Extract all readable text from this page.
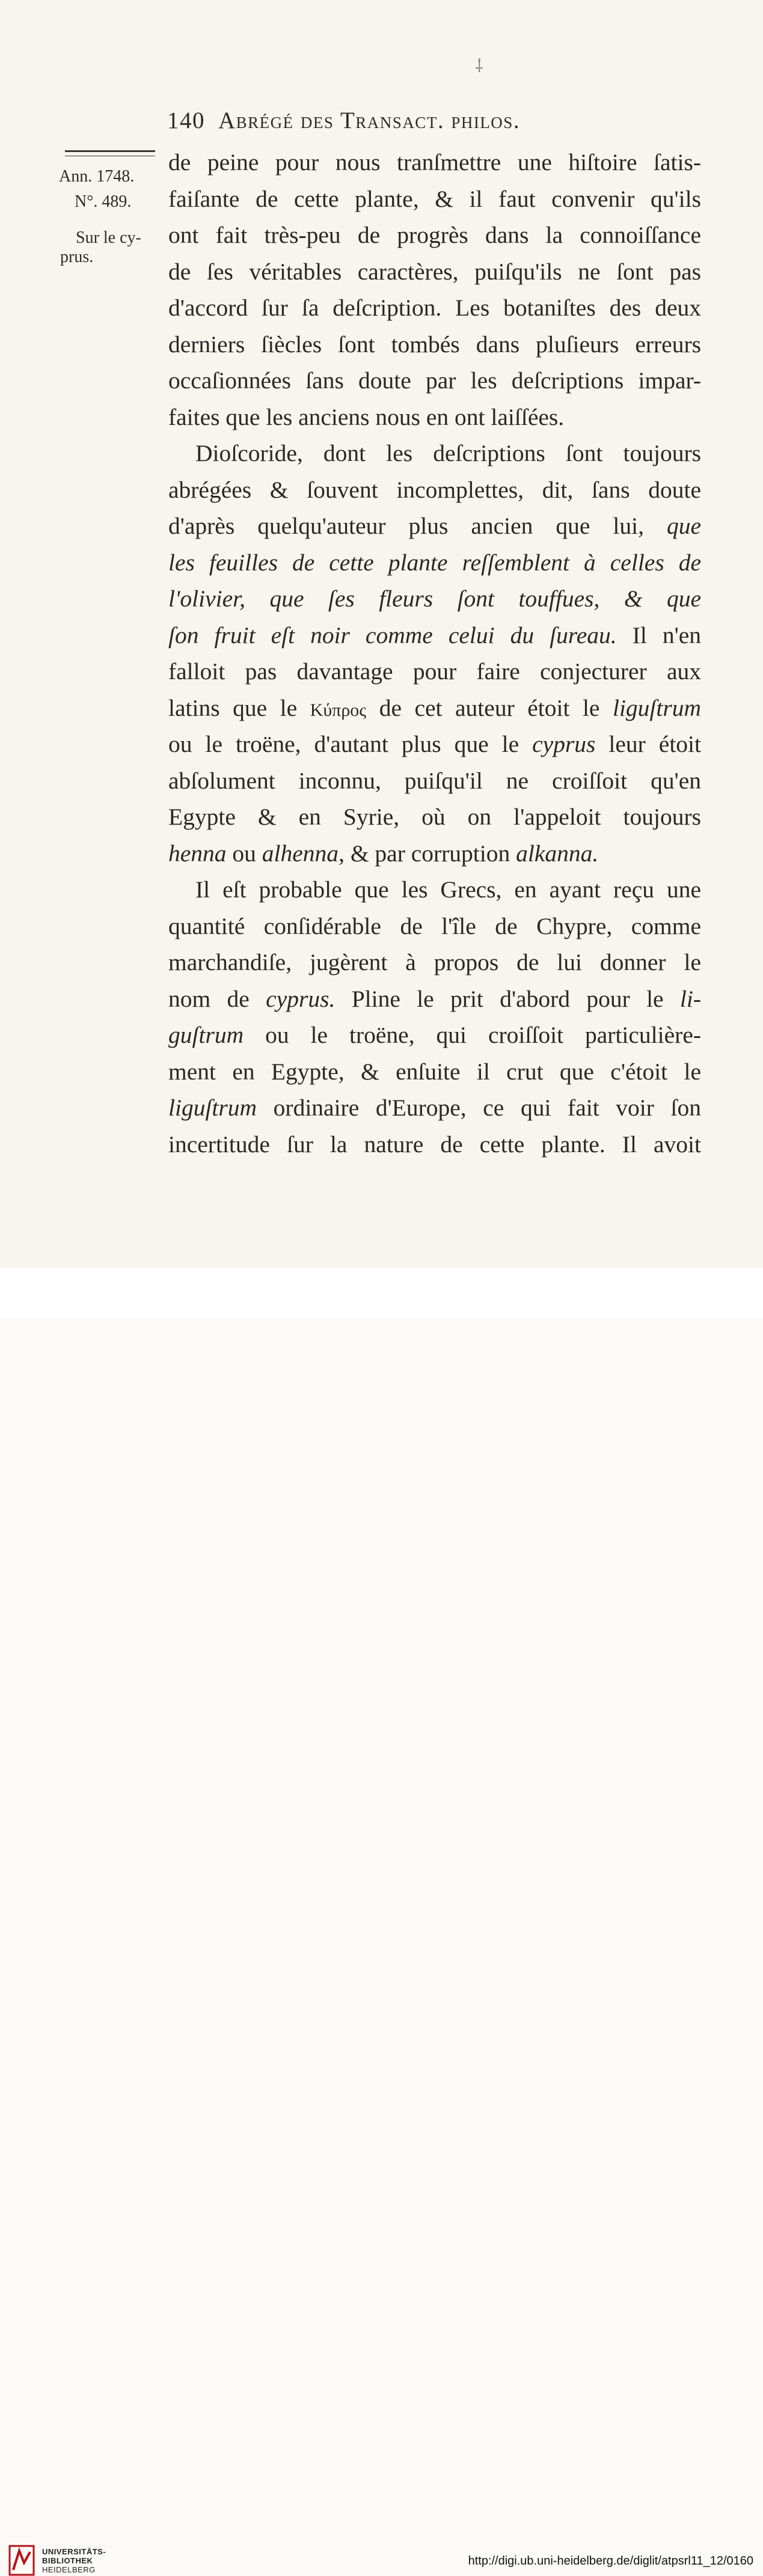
⸸
140 Abrégé des Transact. philos.
Ann. 1748.
N°. 489.
Sur le cy-
prus.
de peine pour nous tranſmettre une hiſtoire ſatis-
faiſante de cette plante, & il faut convenir qu'ils
ont fait très-peu de progrès dans la connoiſſance
de ſes véritables caractères, puiſqu'ils ne ſont pas
d'accord ſur ſa deſcription. Les botaniſtes des deux
derniers ſiècles ſont tombés dans pluſieurs erreurs
occaſionnées ſans doute par les deſcriptions impar-
faites que les anciens nous en ont laiſſées.
Dioſcoride, dont les deſcriptions ſont toujours
abrégées & ſouvent incomplettes, dit, ſans doute
d'après quelqu'auteur plus ancien que lui, que
les feuilles de cette plante reſſemblent à celles de
l'olivier, que ſes fleurs ſont touffues, & que
ſon fruit eſt noir comme celui du ſureau. Il n'en
falloit pas davantage pour faire conjecturer aux
latins que le Κύπρος de cet auteur étoit le liguſtrum
ou le troëne, d'autant plus que le cyprus leur étoit
abſolument inconnu, puiſqu'il ne croiſſoit qu'en
Egypte & en Syrie, où on l'appeloit toujours
henna ou alhenna, & par corruption alkanna.
Il eſt probable que les Grecs, en ayant reçu une
quantité conſidérable de l'île de Chypre, comme
marchandiſe, jugèrent à propos de lui donner le
nom de cyprus. Pline le prit d'abord pour le li-
guſtrum ou le troëne, qui croiſſoit particulière-
ment en Egypte, & enſuite il crut que c'étoit le
liguſtrum ordinaire d'Europe, ce qui fait voir ſon
incertitude ſur la nature de cette plante. Il avoit
UNIVERSITÄTS-
BIBLIOTHEK
HEIDELBERG
http://digi.ub.uni-heidelberg.de/diglit/atpsrl11_12/0160
